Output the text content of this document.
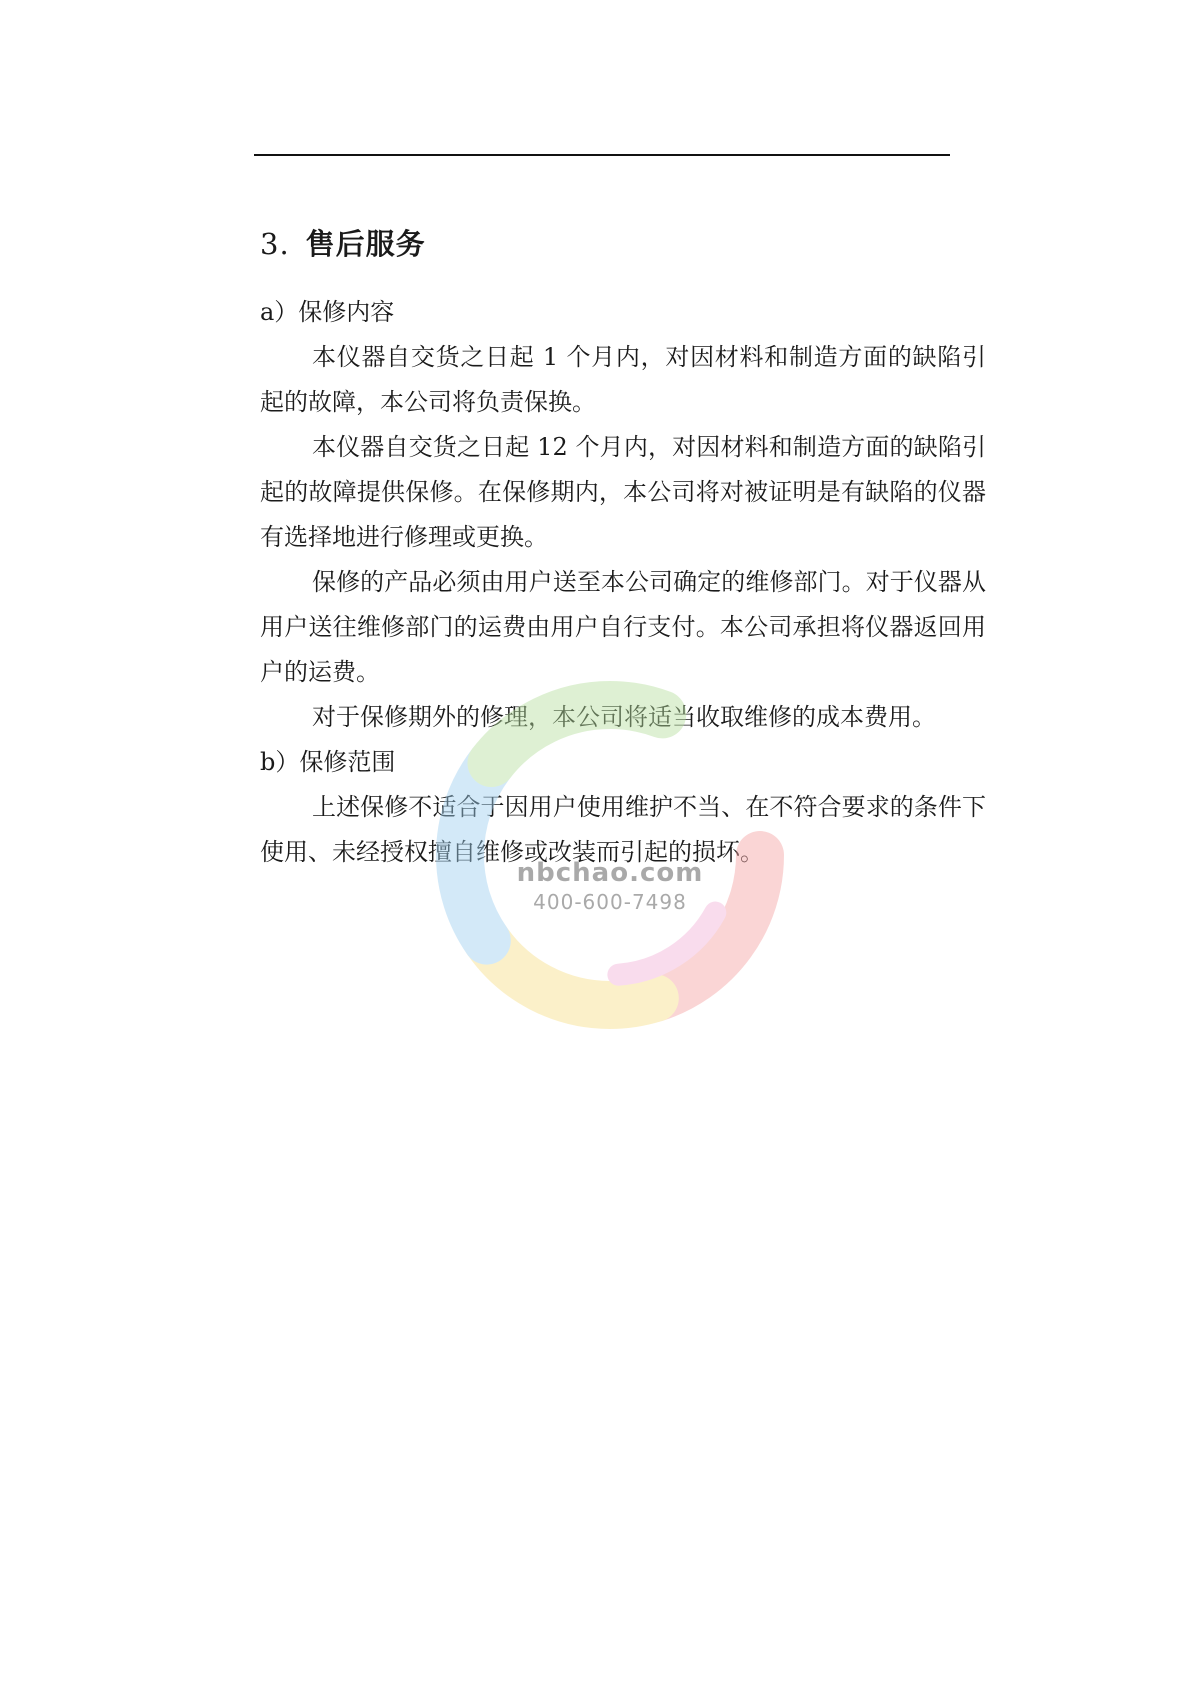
3. 售后服务

a）保修内容

本仪器自交货之日起 1 个月内，对因材料和制造方面的缺陷引起的故障，本公司将负责保换。

本仪器自交货之日起 12 个月内，对因材料和制造方面的缺陷引起的故障提供保修。在保修期内，本公司将对被证明是有缺陷的仪器有选择地进行修理或更换。

保修的产品必须由用户送至本公司确定的维修部门。对于仪器从用户送往维修部门的运费由用户自行支付。本公司承担将仪器返回用户的运费。

对于保修期外的修理，本公司将适当收取维修的成本费用。

b）保修范围

上述保修不适合于因用户使用维护不当、在不符合要求的条件下使用、未经授权擅自维修或改装而引起的损坏。

nbchao.com
400-600-7498
